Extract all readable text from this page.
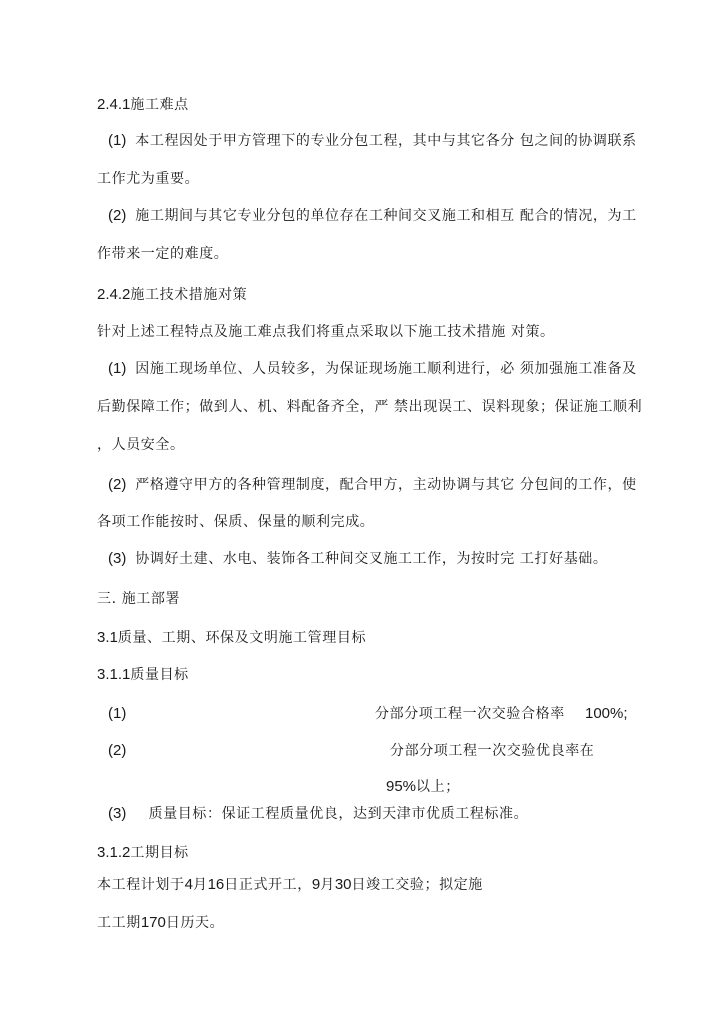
2.4.1施工难点
(1) 本工程因处于甲方管理下的专业分包工程，其中与其它各分 包之间的协调联系
工作尤为重要。
(2) 施工期间与其它专业分包的单位存在工种间交叉施工和相互 配合的情况，为工
作带来一定的难度。
2.4.2施工技术措施对策
针对上述工程特点及施工难点我们将重点采取以下施工技术措施 对策。
(1) 因施工现场单位、人员较多，为保证现场施工顺利进行，必 须加强施工准备及
后勤保障工作；做到人、机、料配备齐全，严 禁出现误工、误料现象；保证施工顺利
，人员安全。
(2) 严格遵守甲方的各种管理制度，配合甲方，主动协调与其它 分包间的工作，使
各项工作能按时、保质、保量的顺利完成。
(3) 协调好土建、水电、装饰各工种间交叉施工工作，为按时完 工打好基础。
三. 施工部署
3.1质量、工期、环保及文明施工管理目标
3.1.1质量目标
(1)	分部分项工程一次交验合格率 100%;
(2)	分部分项工程一次交验优良率在
95%以上；
(3) 质量目标：保证工程质量优良，达到天津市优质工程标准。
3.1.2工期目标
本工程计划于4月16日正式开工，9月30日竣工交验；拟定施
工工期170日历天。
